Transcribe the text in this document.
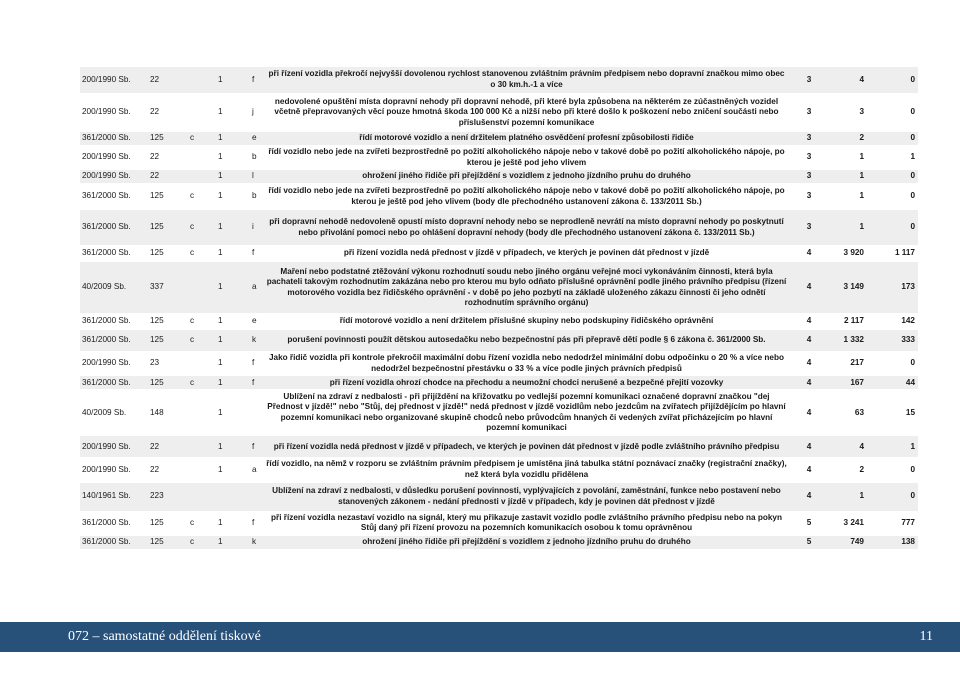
200/1990 Sb.	22		1	f	při řízení vozidla překročí nejvyšší dovolenou rychlost stanovenou zvláštním právním předpisem nebo dopravní značkou mimo obec o 30 km.h.-1 a více	3	4	0
200/1990 Sb.	22		1	j	nedovolené opuštění místa dopravní nehody při dopravní nehodě, při které byla způsobena na některém ze zúčastněných vozidel včetně přepravovaných věcí pouze hmotná škoda 100 000 Kč a nižší nebo při které došlo k poškození nebo zničení součásti nebo příslušenství pozemní komunikace	3	3	0
361/2000 Sb.	125	c	1	e	řídí motorové vozidlo a není držitelem platného osvědčení profesní způsobilosti řidiče	3	2	0
200/1990 Sb.	22		1	b	řídí vozidlo nebo jede na zvířeti bezprostředně po požití alkoholického nápoje nebo v takové době po požití alkoholického nápoje, po kterou je ještě pod jeho vlivem	3	1	1
200/1990 Sb.	22		1	l	ohrožení jiného řidiče při přejíždění s vozidlem z jednoho jízdního pruhu do druhého	3	1	0
361/2000 Sb.	125	c	1	b	řídí vozidlo nebo jede na zvířeti bezprostředně po požití alkoholického nápoje nebo v takové době po požití alkoholického nápoje, po kterou je ještě pod jeho vlivem (body dle přechodného ustanovení zákona č. 133/2011 Sb.)	3	1	0
361/2000 Sb.	125	c	1	i	při dopravní nehodě nedovoleně opustí místo dopravní nehody nebo se neprodleně nevrátí na místo dopravní nehody po poskytnutí nebo přivolání pomoci nebo po ohlášení dopravní nehody (body dle přechodného ustanovení zákona č. 133/2011 Sb.)	3	1	0
361/2000 Sb.	125	c	1	f	při řízení vozidla nedá přednost v jízdě v případech, ve kterých je povinen dát přednost v jízdě	4	3 920	1 117
40/2009 Sb.	337		1	a	Maření nebo podstatné ztěžování výkonu rozhodnutí soudu nebo jiného orgánu veřejné moci vykonáváním činnosti, která byla pachateli takovým rozhodnutím zakázána nebo pro kterou mu bylo odňato příslušné oprávnění podle jiného právního předpisu (řízení motorového vozidla bez řidičského oprávnění - v době po jeho pozbytí na základě uloženého zákazu činnosti či jeho odnětí rozhodnutím správního orgánu)	4	3 149	173
361/2000 Sb.	125	c	1	e	řídí motorové vozidlo a není držitelem příslušné skupiny nebo podskupiny řidičského oprávnění	4	2 117	142
361/2000 Sb.	125	c	1	k	porušení povinnosti použít dětskou autosedačku nebo bezpečnostní pás při přepravě dětí podle § 6 zákona č. 361/2000 Sb.	4	1 332	333
200/1990 Sb.	23		1	f	Jako řidič vozidla při kontrole překročil maximální dobu řízení vozidla nebo nedodržel minimální dobu odpočinku o 20 % a více nebo nedodržel bezpečnostní přestávku o 33 % a více podle jiných právních předpisů	4	217	0
361/2000 Sb.	125	c	1	f	při řízení vozidla ohrozí chodce na přechodu a neumožní chodci nerušené a bezpečné přejití vozovky	4	167	44
40/2009 Sb.	148		1		Ublížení na zdraví z nedbalosti - při přijíždění na křižovatku po vedlejší pozemní komunikaci označené dopravní značkou "dej Přednost v jízdě!" nebo "Stůj, dej přednost v jízdě!" nedá přednost v jízdě vozidlům nebo jezdcům na zvířatech přijíždějícím po hlavní pozemní komunikaci nebo organizované skupině chodců nebo průvodcům hnaných či vedených zvířat přicházejícím po hlavní pozemní komunikaci	4	63	15
200/1990 Sb.	22		1	f	při řízení vozidla nedá přednost v jízdě v případech, ve kterých je povinen dát přednost v jízdě podle zvláštního právního předpisu	4	4	1
200/1990 Sb.	22		1	a	řídí vozidlo, na němž v rozporu se zvláštním právním předpisem je umístěna jiná tabulka státní poznávací značky (registrační značky), než která byla vozidlu přidělena	4	2	0
140/1961 Sb.	223				Ublížení na zdraví z nedbalosti, v důsledku porušení povinnosti, vyplývajících z povolání, zaměstnání, funkce nebo postavení nebo stanovených zákonem - nedání přednosti v jízdě v případech, kdy je povinen dát přednost v jízdě	4	1	0
361/2000 Sb.	125	c	1	f	při řízení vozidla nezastaví vozidlo na signál, který mu přikazuje zastavit vozidlo podle zvláštního právního předpisu nebo na pokyn Stůj daný při řízení provozu na pozemních komunikacích osobou k tomu oprávněnou	5	3 241	777
361/2000 Sb.	125	c	1	k	ohrožení jiného řidiče při přejíždění s vozidlem z jednoho jízdního pruhu do druhého	5	749	138
072 – samostatné oddělení tiskové	11
